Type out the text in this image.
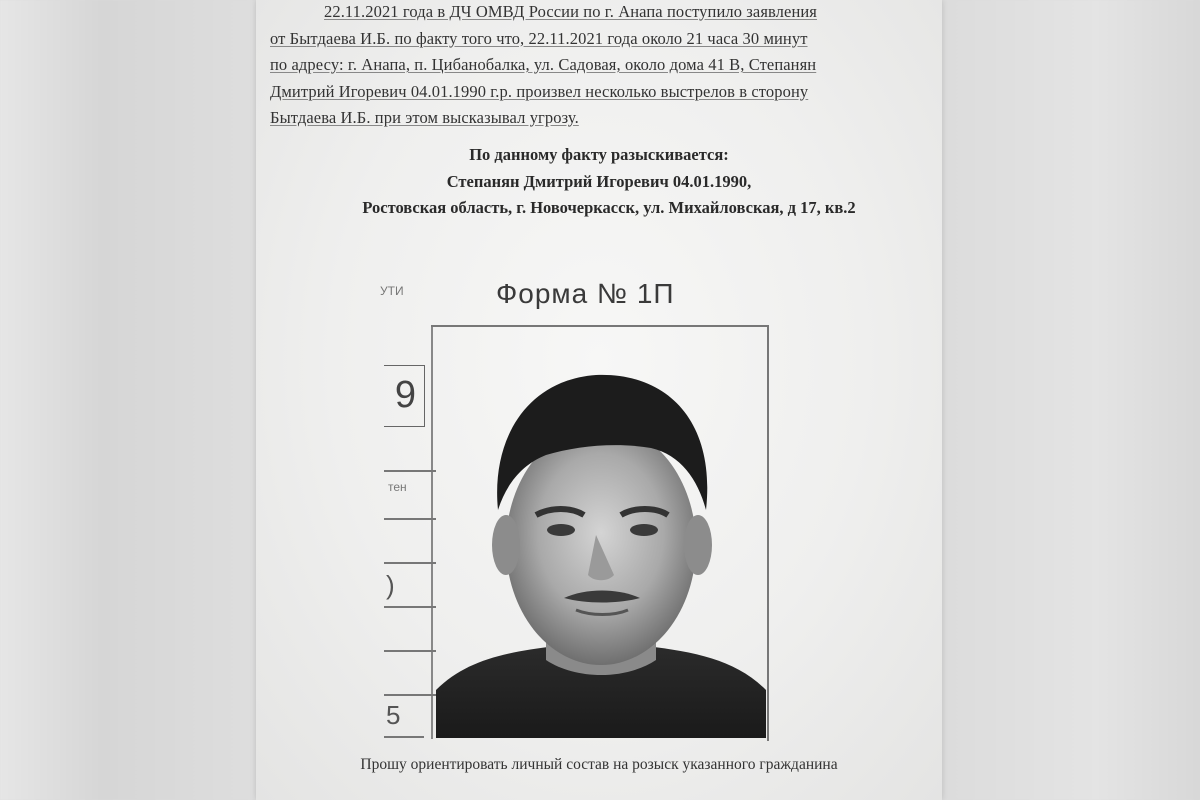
22.11.2021 года в ДЧ ОМВД России по г. Анапа поступило заявления
от Бытдаева И.Б. по факту того что, 22.11.2021 года около 21 часа 30 минут
по адресу: г. Анапа, п. Цибанобалка, ул. Садовая, около дома 41 В, Степанян
Дмитрий Игоревич 04.01.1990 г.р. произвел несколько выстрелов в сторону
Бытдаева И.Б. при этом высказывал угрозу.
По данному факту разыскивается:
Степанян Дмитрий Игоревич 04.01.1990,
Ростовская область, г. Новочеркасск, ул. Михайловская, д 17, кв.2
УТИ	Форма № 1П
9
тен
)
5
Прошу ориентировать личный состав на розыск указанного гражданина
